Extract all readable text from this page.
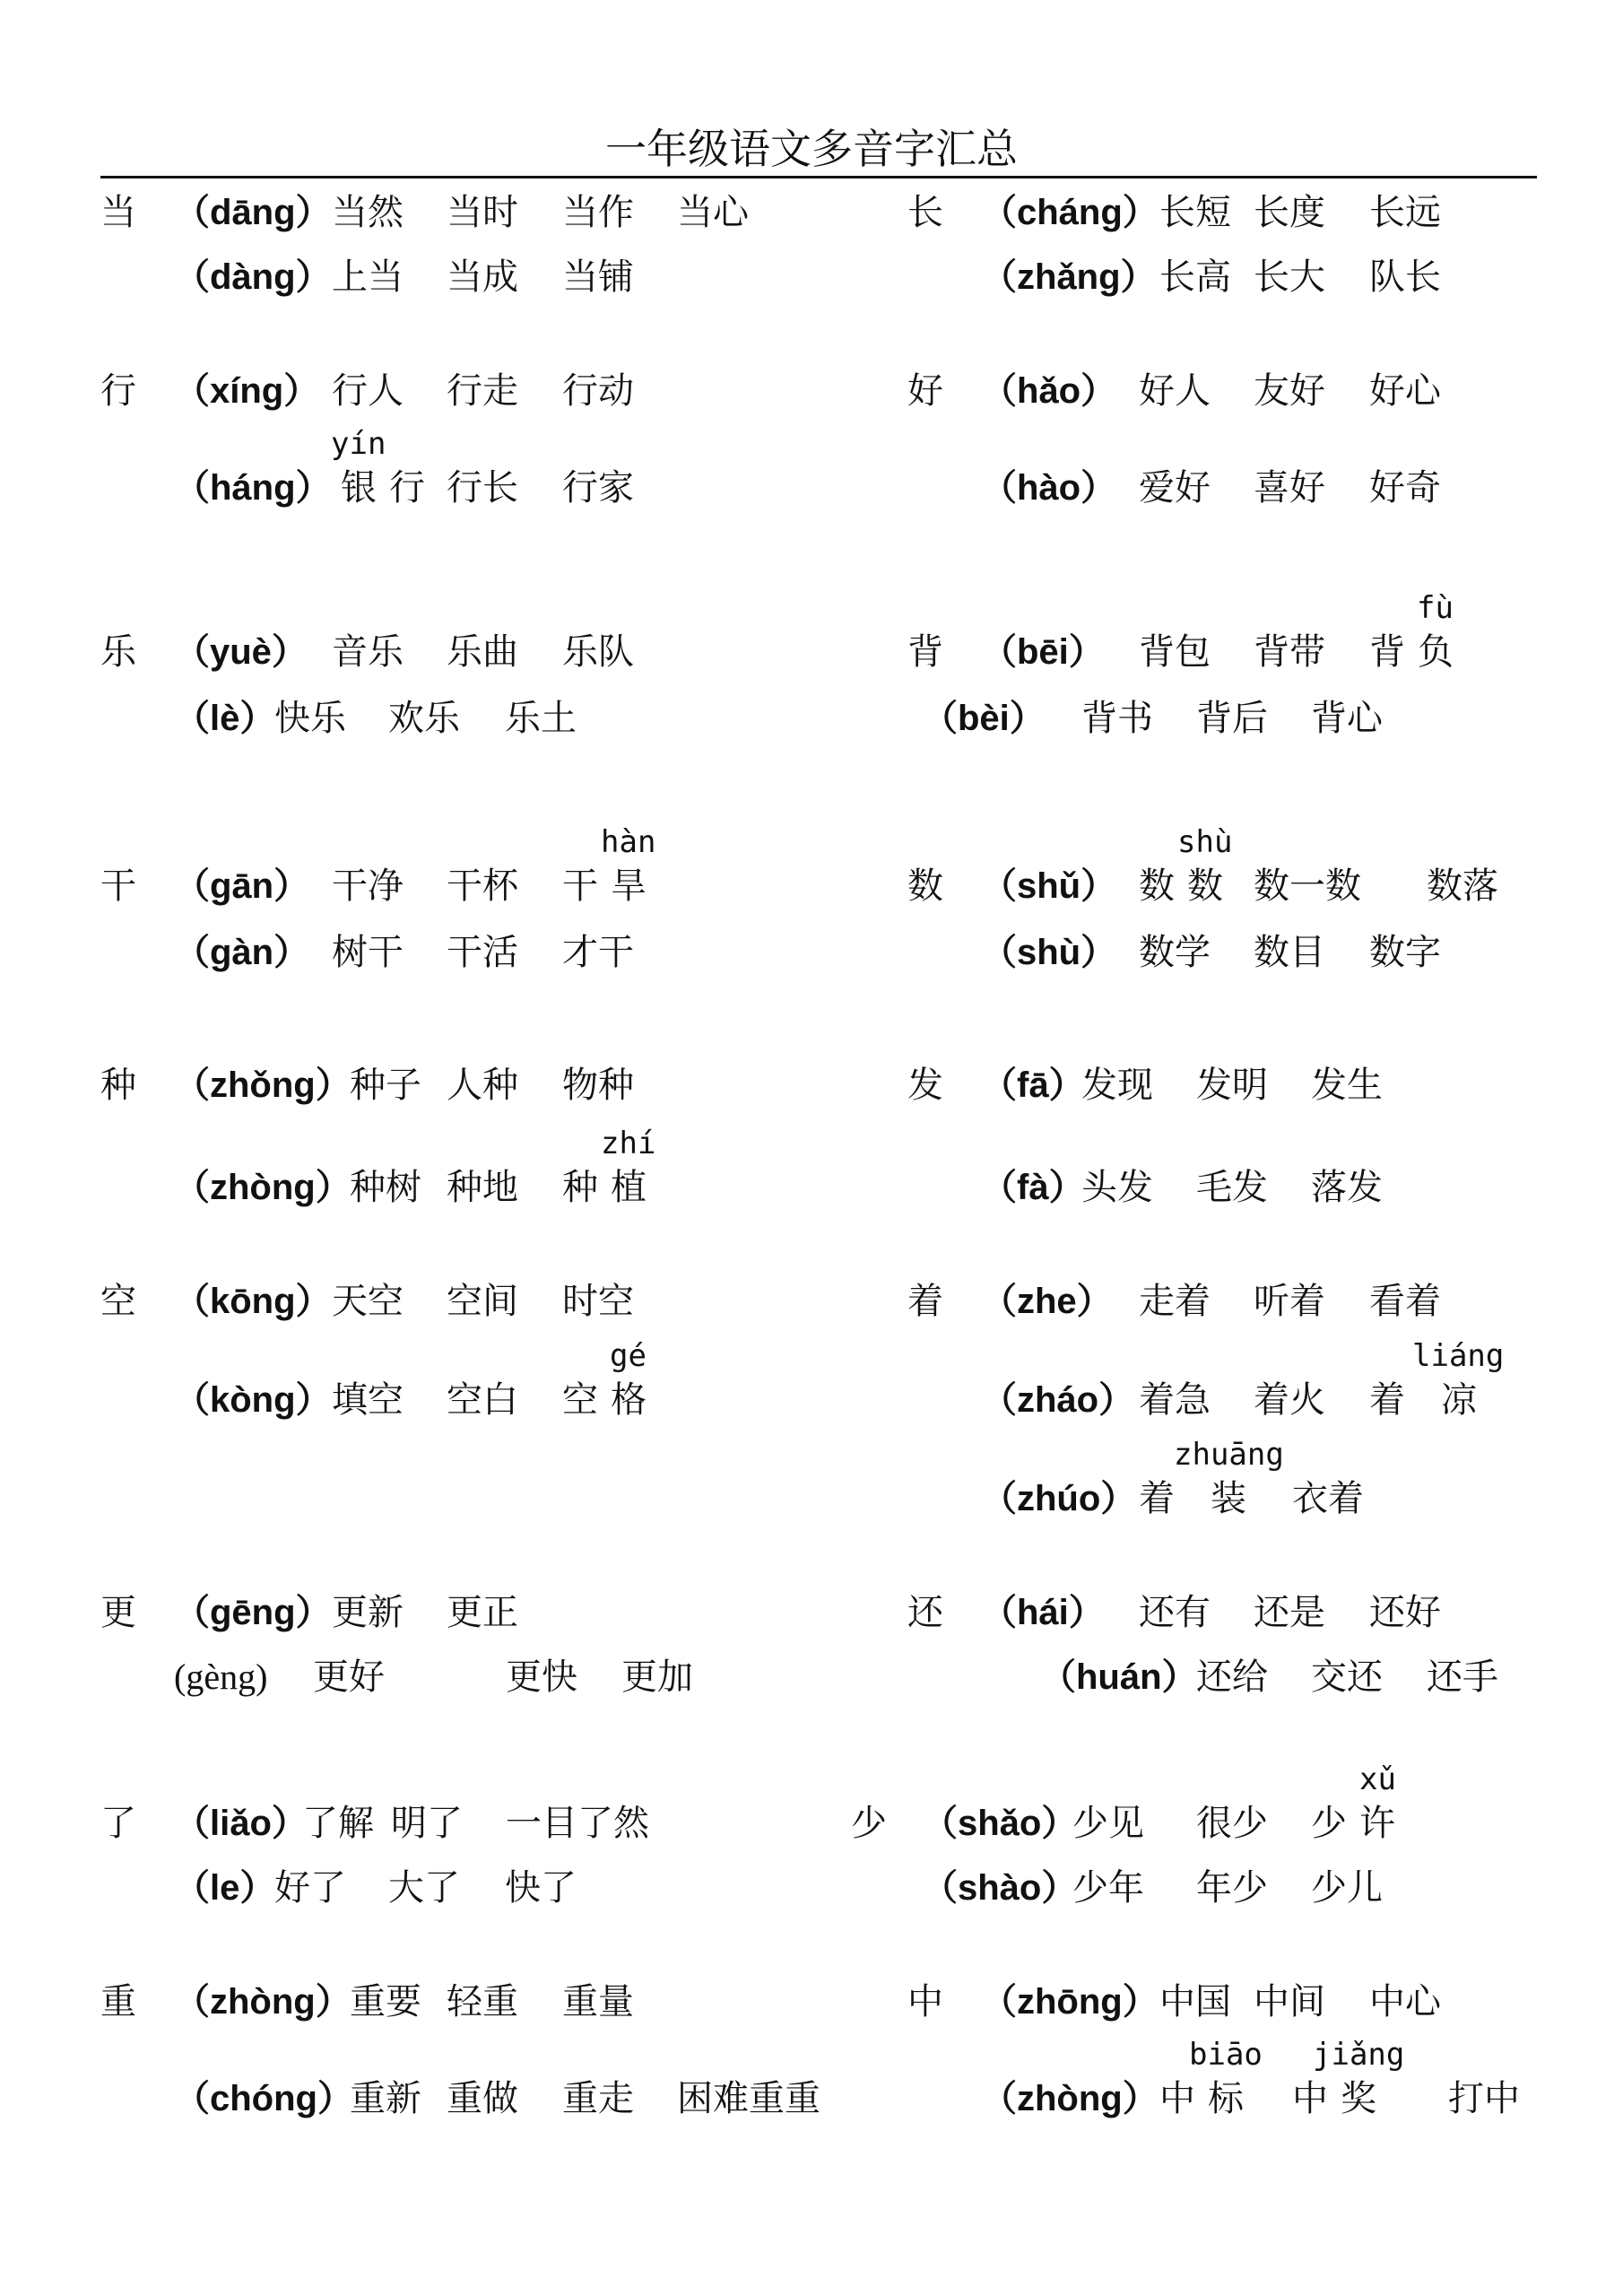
一年级语文多音字汇总
当 （dāng） 当然 当时 当作 当心
（dàng） 上当 当成 当铺
行 （xíng） 行人 行走 行动
（háng） 银行
yín
行长 行家
乐 （yuè） 音乐 乐曲 乐队
（lè）
快乐 欢乐 乐土
干 （gān） 干净 干杯 干旱
hàn
（gàn） 树干 干活 才干
种 （zhǒng）
种子 人种 物种
（zhòng）
种树 种地 种植
zhí
空 （kōng） 天空 空间 时空
（kòng） 填空 空白 空格
gé
更 （gēng） 更新 更正
(gèng) 更好	更快 更加
了 （liǎo）
了解 明了 一目了然
（le）
好了 大了 快了
重 （zhòng）
重要 轻重 重量
（chóng）
重新 重做 重走 困难重重
长 （cháng） 长短 长度 长远
（zhǎng） 长高 长大 队长
好 （hǎo） 好人 友好 好心
（hào） 爱好 喜好 好奇
背 （bēi） 背包 背带 背负
fù
（bèi） 背书 背后 背心
数 （shǔ） 数数
shù
数一数 数落
（shù） 数学 数目 数字
发 （fā）
发现 发明 发生
（fà）
头发 毛发 落发
着 （zhe） 走着 听着 看着
（zháo） 着急 着火 着凉
liáng
（zhúo） 着装
zhuāng
衣着
还 （hái） 还有 还是 还好
（huán）
还给 交还 还手
少 （shǎo）
少见 很少 少许
xǔ
（shào）
少年 年少 少儿
中 （zhōng） 中国 中间 中心
（zhòng） 中标
biāo
中奖
jiǎng
打中
